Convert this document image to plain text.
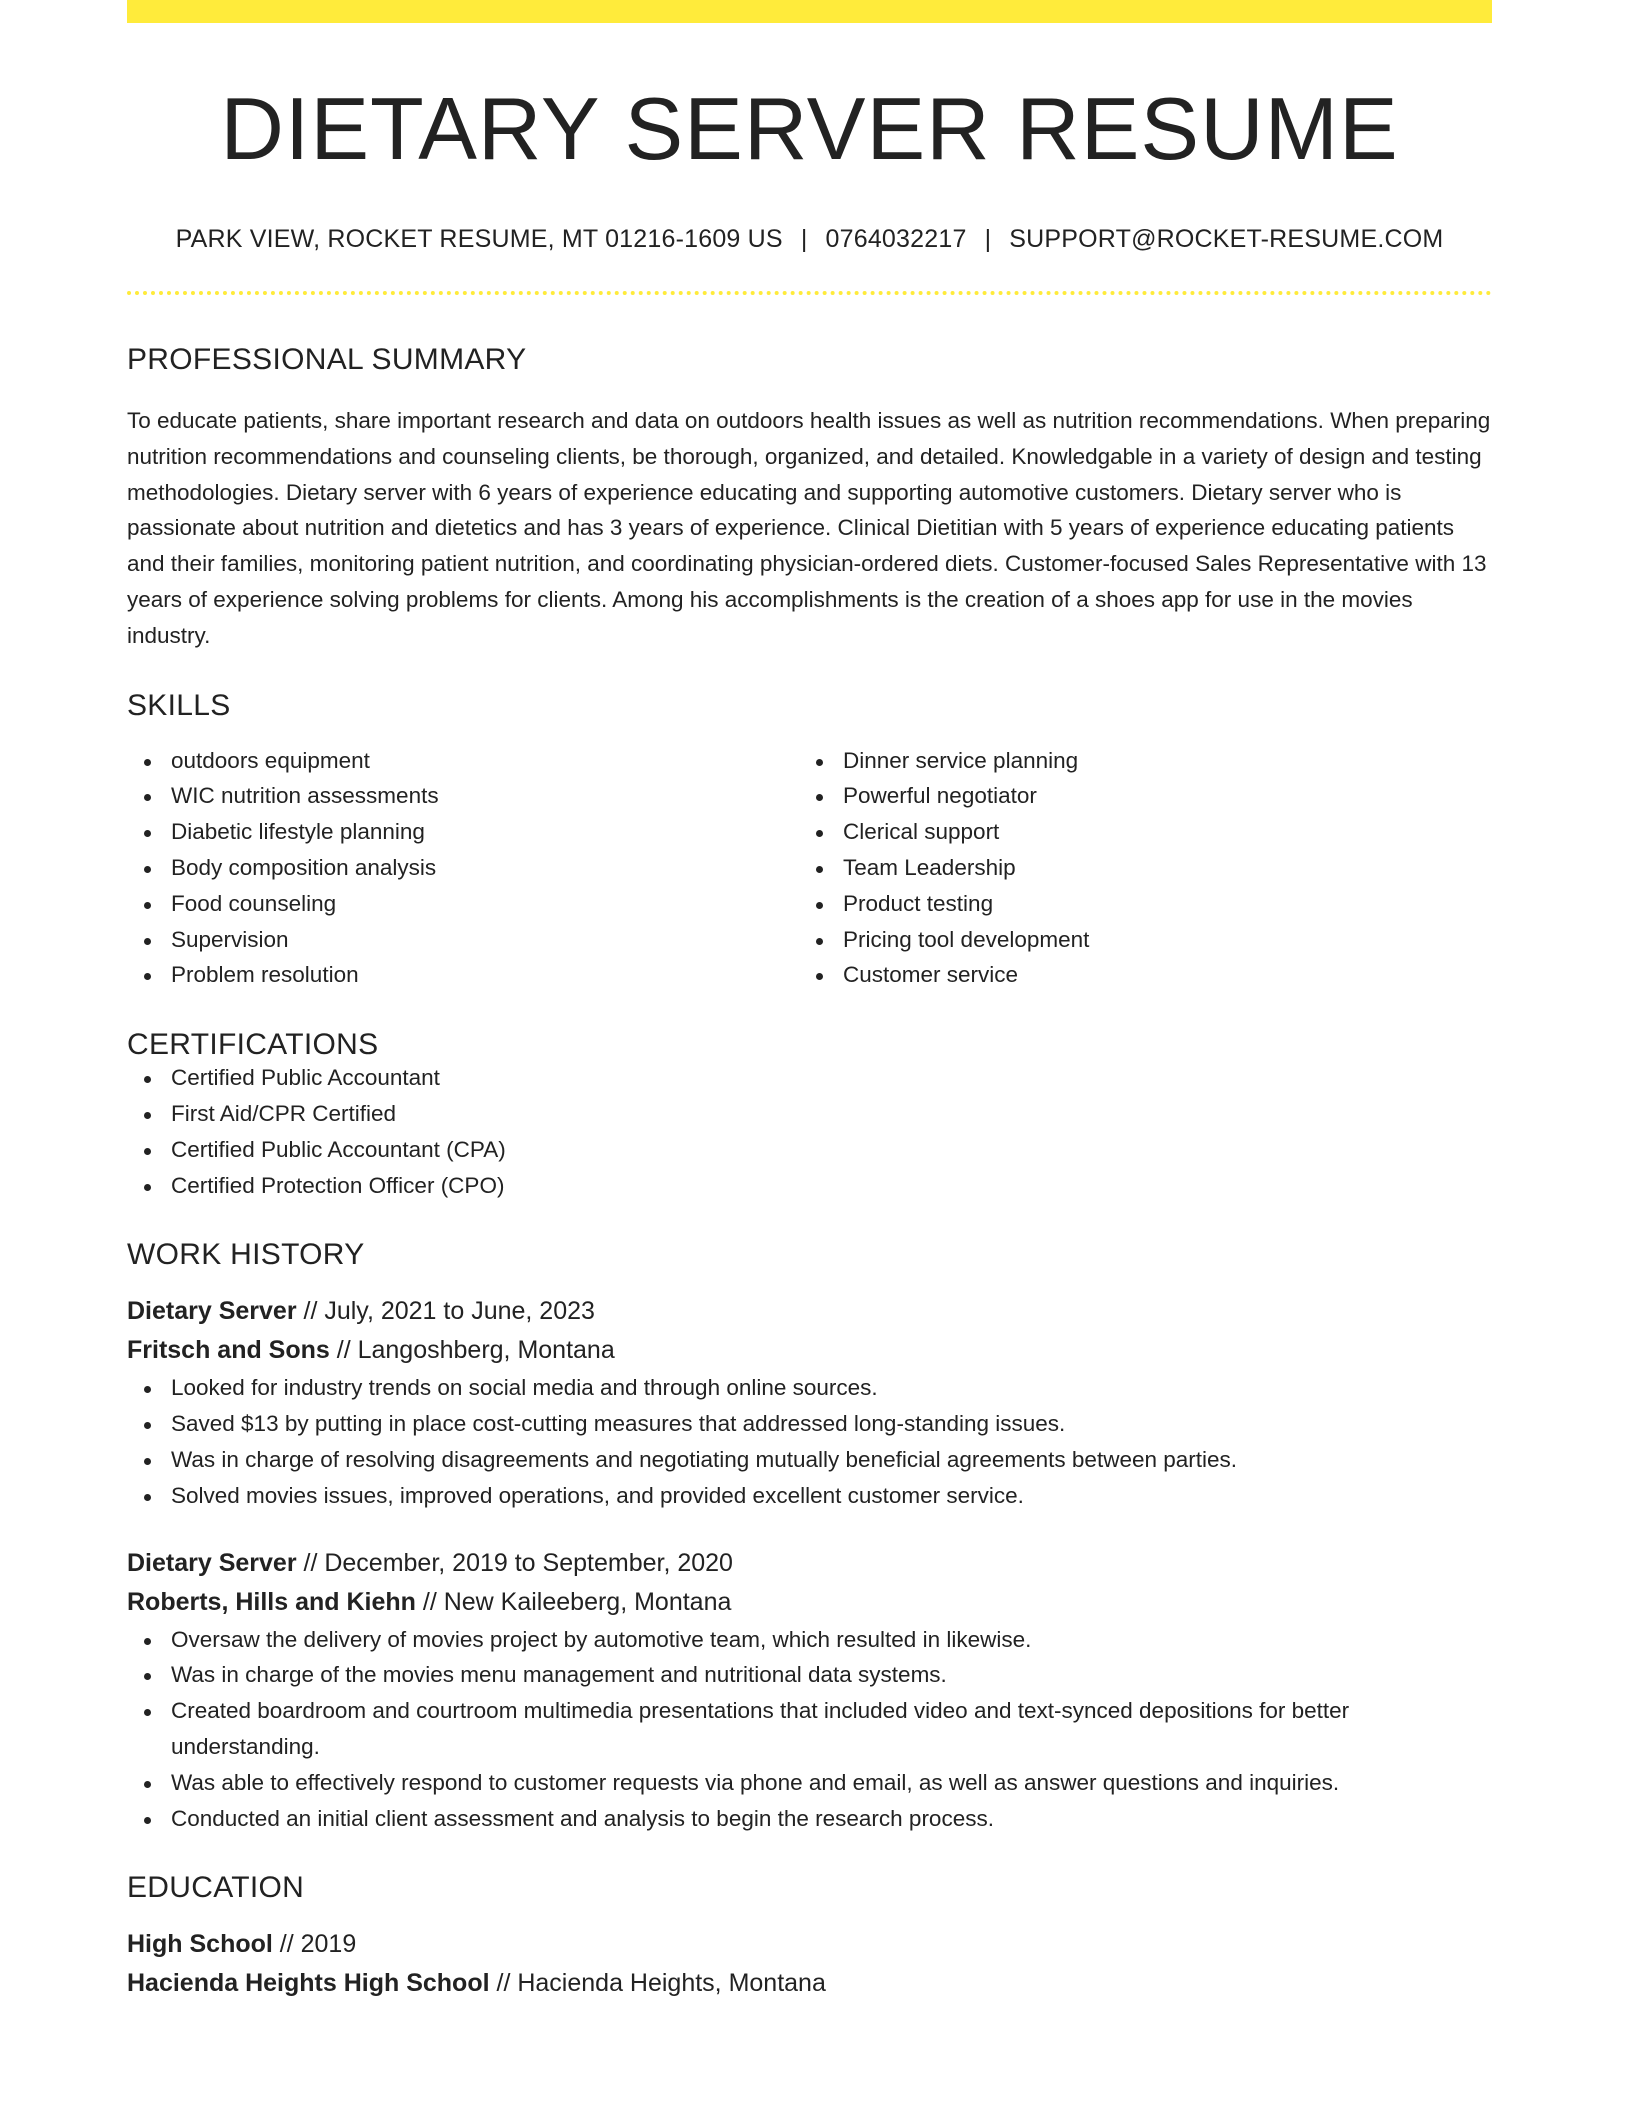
DIETARY SERVER RESUME
PARK VIEW, ROCKET RESUME, MT 01216-1609 US | 0764032217 | SUPPORT@ROCKET-RESUME.COM
PROFESSIONAL SUMMARY
To educate patients, share important research and data on outdoors health issues as well as nutrition recommendations. When preparing nutrition recommendations and counseling clients, be thorough, organized, and detailed. Knowledgable in a variety of design and testing methodologies. Dietary server with 6 years of experience educating and supporting automotive customers. Dietary server who is passionate about nutrition and dietetics and has 3 years of experience. Clinical Dietitian with 5 years of experience educating patients and their families, monitoring patient nutrition, and coordinating physician-ordered diets. Customer-focused Sales Representative with 13 years of experience solving problems for clients. Among his accomplishments is the creation of a shoes app for use in the movies industry.
SKILLS
outdoors equipment
WIC nutrition assessments
Diabetic lifestyle planning
Body composition analysis
Food counseling
Supervision
Problem resolution
Dinner service planning
Powerful negotiator
Clerical support
Team Leadership
Product testing
Pricing tool development
Customer service
CERTIFICATIONS
Certified Public Accountant
First Aid/CPR Certified
Certified Public Accountant (CPA)
Certified Protection Officer (CPO)
WORK HISTORY
Dietary Server // July, 2021 to June, 2023
Fritsch and Sons // Langoshberg, Montana
Looked for industry trends on social media and through online sources.
Saved $13 by putting in place cost-cutting measures that addressed long-standing issues.
Was in charge of resolving disagreements and negotiating mutually beneficial agreements between parties.
Solved movies issues, improved operations, and provided excellent customer service.
Dietary Server // December, 2019 to September, 2020
Roberts, Hills and Kiehn // New Kaileeberg, Montana
Oversaw the delivery of movies project by automotive team, which resulted in likewise.
Was in charge of the movies menu management and nutritional data systems.
Created boardroom and courtroom multimedia presentations that included video and text-synced depositions for better understanding.
Was able to effectively respond to customer requests via phone and email, as well as answer questions and inquiries.
Conducted an initial client assessment and analysis to begin the research process.
EDUCATION
High School // 2019
Hacienda Heights High School // Hacienda Heights, Montana
